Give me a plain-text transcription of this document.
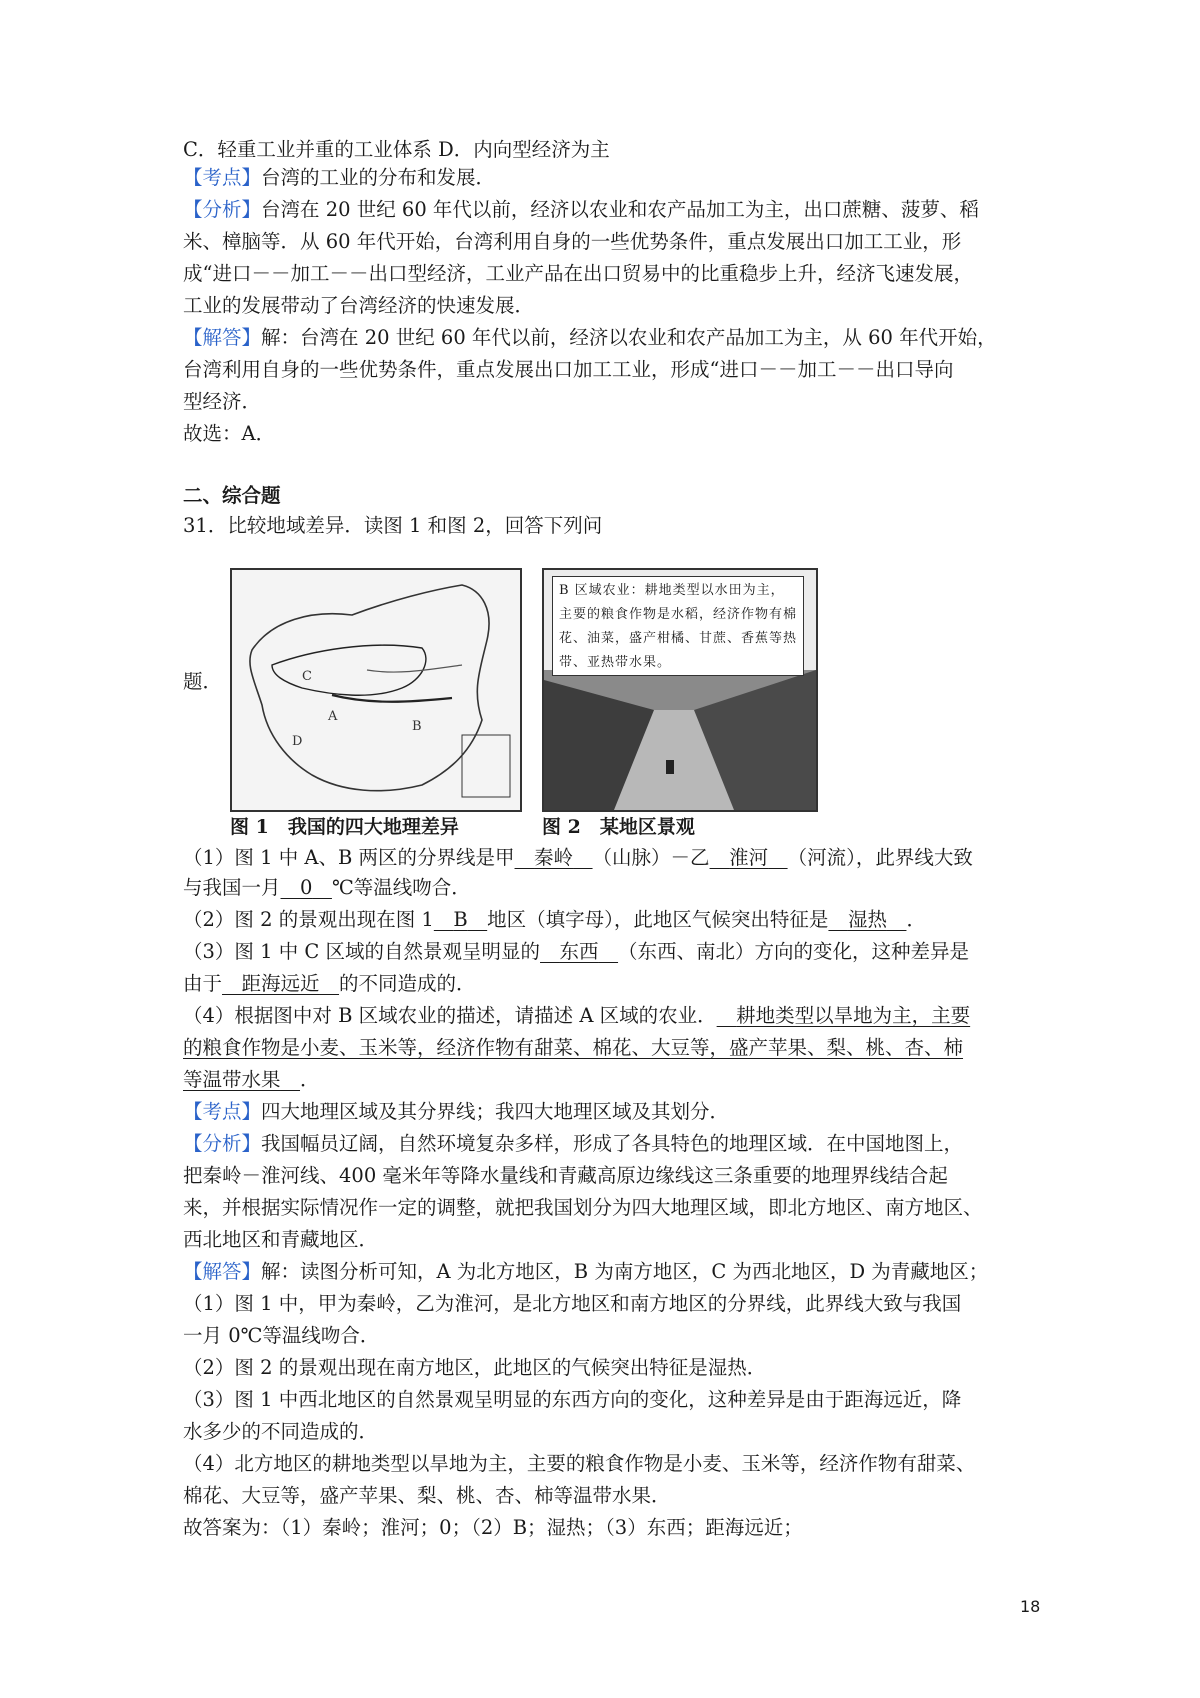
C．轻重工业并重的工业体系 D．内向型经济为主
【考点】台湾的工业的分布和发展．
【分析】台湾在 20 世纪 60 年代以前，经济以农业和农产品加工为主，出口蔗糖、菠萝、稻
米、樟脑等．从 60 年代开始，台湾利用自身的一些优势条件，重点发展出口加工工业，形
成“进口－－加工－－出口型经济，工业产品在出口贸易中的比重稳步上升，经济飞速发展，
工业的发展带动了台湾经济的快速发展．
【解答】解：台湾在 20 世纪 60 年代以前，经济以农业和农产品加工为主，从 60 年代开始，
台湾利用自身的一些优势条件，重点发展出口加工工业，形成“进口－－加工－－出口导向
型经济．
故选：A．
二、综合题
31．比较地域差异．读图 1 和图 2，回答下列问
题．
A
B
C
D
B 区域农业：耕地类型以水田为主，主要的粮食作物是水稻，经济作物有棉花、油菜，盛产柑橘、甘蔗、香蕉等热带、亚热带水果。
图 1　我国的四大地理差异	图 2　某地区景观
（1）图 1 中 A、B 两区的分界线是甲  秦岭  （山脉）－乙  淮河  （河流），此界线大致
与我国一月  0  ℃等温线吻合．
（2）图 2 的景观出现在图 1  B  地区（填字母），此地区气候突出特征是  湿热  ．
（3）图 1 中 C 区域的自然景观呈明显的  东西  （东西、南北）方向的变化，这种差异是
由于  距海远近  的不同造成的．
（4）根据图中对 B 区域农业的描述，请描述 A 区域的农业．  耕地类型以旱地为主，主要
的粮食作物是小麦、玉米等，经济作物有甜菜、棉花、大豆等，盛产苹果、梨、桃、杏、柿
等温带水果  ．
【考点】四大地理区域及其分界线；我四大地理区域及其划分．
【分析】我国幅员辽阔，自然环境复杂多样，形成了各具特色的地理区域．在中国地图上，
把秦岭－淮河线、400 毫米年等降水量线和青藏高原边缘线这三条重要的地理界线结合起
来，并根据实际情况作一定的调整，就把我国划分为四大地理区域，即北方地区、南方地区、
西北地区和青藏地区．
【解答】解：读图分析可知，A 为北方地区，B 为南方地区，C 为西北地区，D 为青藏地区；
（1）图 1 中，甲为秦岭，乙为淮河，是北方地区和南方地区的分界线，此界线大致与我国
一月 0℃等温线吻合．
（2）图 2 的景观出现在南方地区，此地区的气候突出特征是湿热．
（3）图 1 中西北地区的自然景观呈明显的东西方向的变化，这种差异是由于距海远近，降
水多少的不同造成的．
（4）北方地区的耕地类型以旱地为主，主要的粮食作物是小麦、玉米等，经济作物有甜菜、
棉花、大豆等，盛产苹果、梨、桃、杏、柿等温带水果．
故答案为：（1）秦岭；淮河；0；（2）B；湿热；（3）东西；距海远近；
18
